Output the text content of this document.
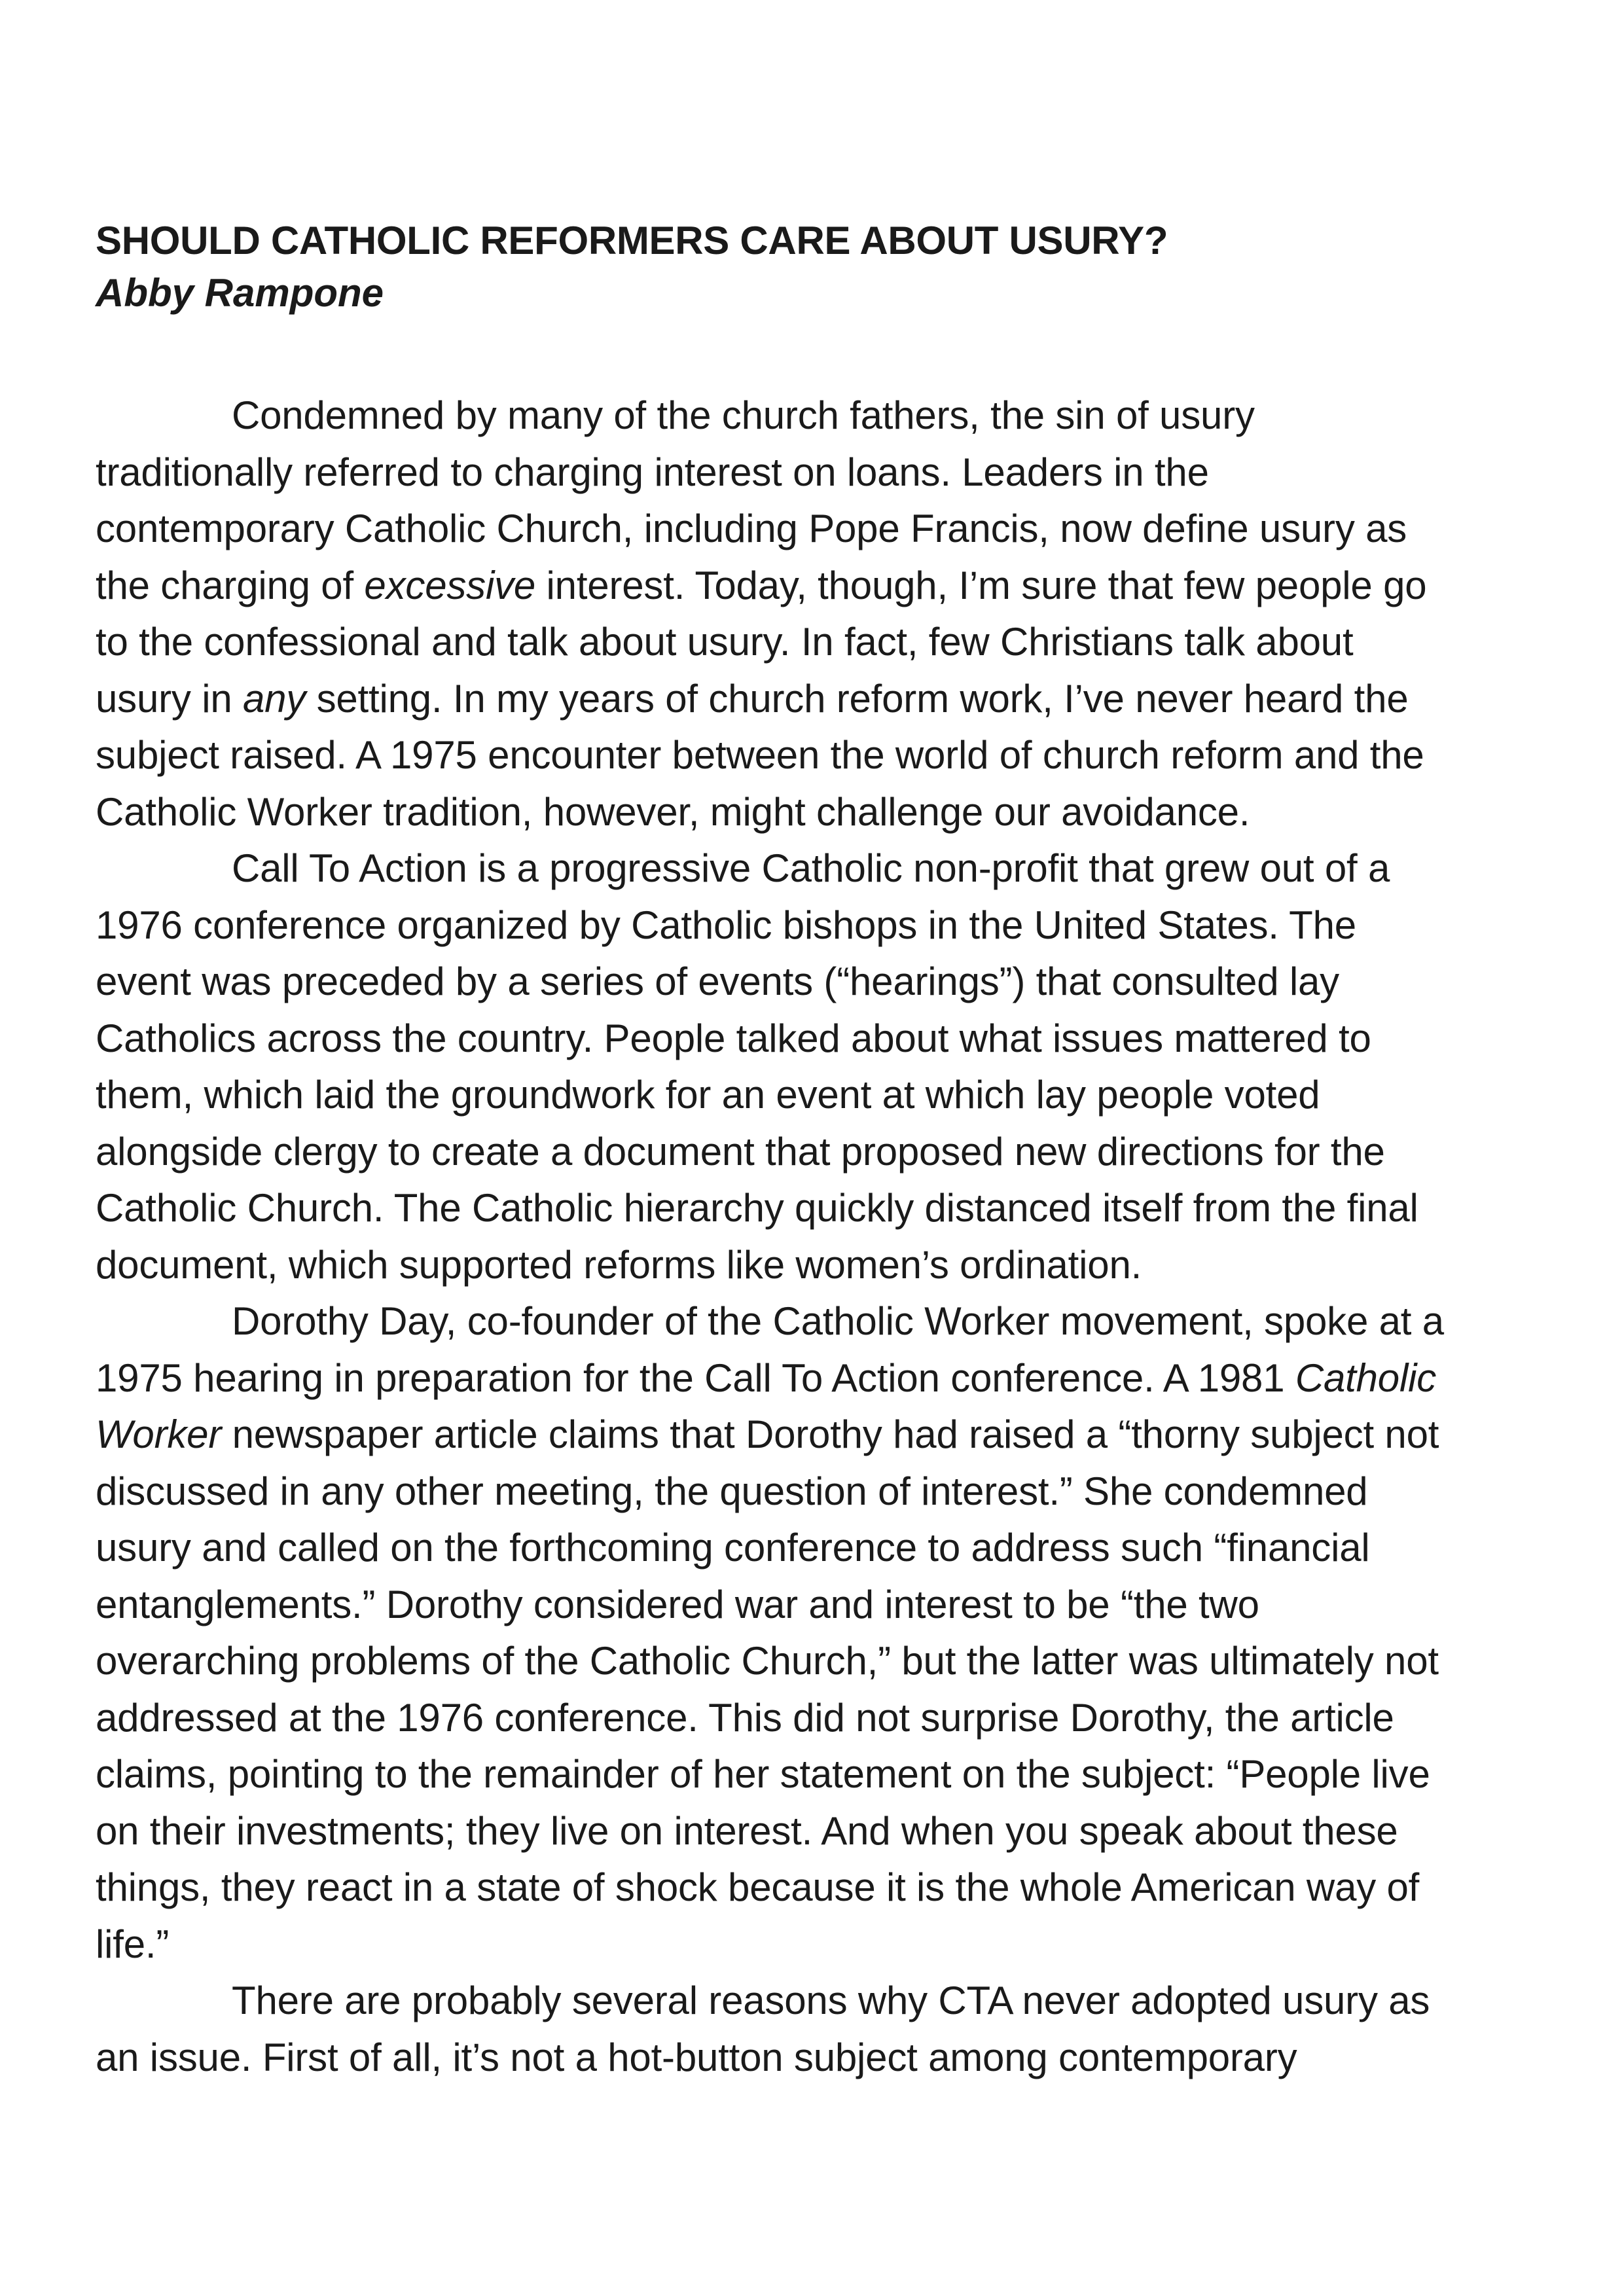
SHOULD CATHOLIC REFORMERS CARE ABOUT USURY?

Abby Rampone

Condemned by many of the church fathers, the sin of usury
traditionally referred to charging interest on loans. Leaders in the
contemporary Catholic Church, including Pope Francis, now define usury as
the charging of excessive interest. Today, though, I’m sure that few people go
to the confessional and talk about usury. In fact, few Christians talk about
usury in any setting. In my years of church reform work, I’ve never heard the
subject raised. A 1975 encounter between the world of church reform and the
Catholic Worker tradition, however, might challenge our avoidance.

Call To Action is a progressive Catholic non-profit that grew out of a
1976 conference organized by Catholic bishops in the United States. The
event was preceded by a series of events (“hearings”) that consulted lay
Catholics across the country. People talked about what issues mattered to
them, which laid the groundwork for an event at which lay people voted
alongside clergy to create a document that proposed new directions for the
Catholic Church. The Catholic hierarchy quickly distanced itself from the final
document, which supported reforms like women’s ordination.

Dorothy Day, co-founder of the Catholic Worker movement, spoke at a
1975 hearing in preparation for the Call To Action conference. A 1981 Catholic
Worker newspaper article claims that Dorothy had raised a “thorny subject not
discussed in any other meeting, the question of interest.” She condemned
usury and called on the forthcoming conference to address such “financial
entanglements.” Dorothy considered war and interest to be “the two
overarching problems of the Catholic Church,” but the latter was ultimately not
addressed at the 1976 conference. This did not surprise Dorothy, the article
claims, pointing to the remainder of her statement on the subject: “People live
on their investments; they live on interest. And when you speak about these
things, they react in a state of shock because it is the whole American way of
life.”

There are probably several reasons why CTA never adopted usury as
an issue. First of all, it’s not a hot-button subject among contemporary
